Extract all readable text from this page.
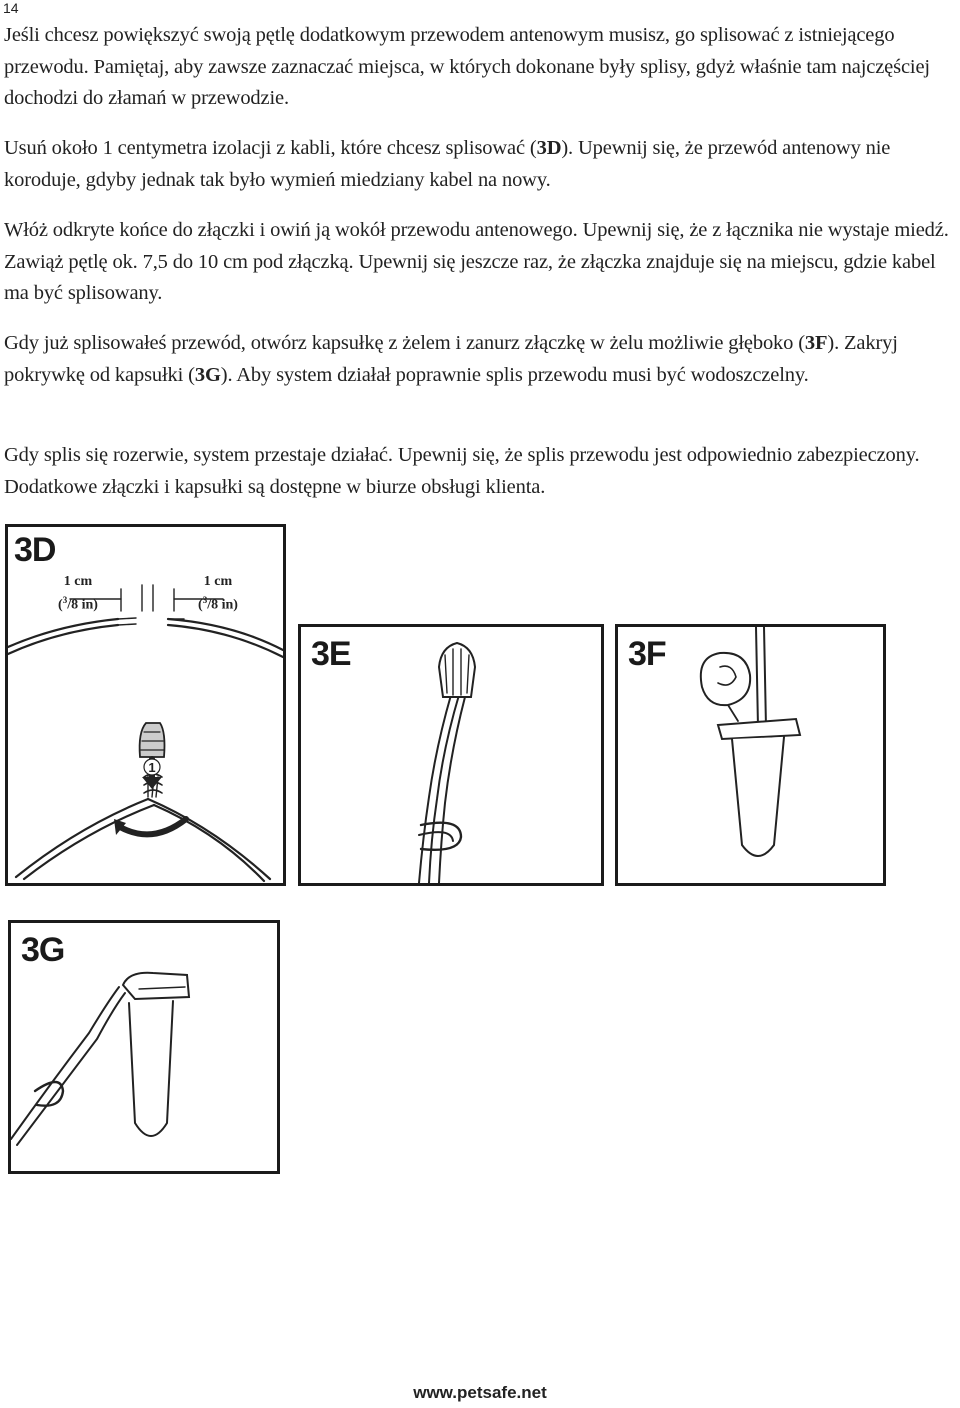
14

Jeśli chcesz powiększyć swoją pętlę dodatkowym przewodem antenowym musisz, go splisować z istniejącego przewodu. Pamiętaj, aby zawsze zaznaczać miejsca, w których dokonane były splisy, gdyż właśnie tam najczęściej dochodzi do złamań w przewodzie.

Usuń około 1 centymetra izolacji z kabli, które chcesz splisować (3D). Upewnij się, że przewód antenowy nie koroduje, gdyby jednak tak było wymień miedziany kabel na nowy.

Włóż odkryte końce do złączki i owiń ją wokół przewodu antenowego. Upewnij się, że z łącznika nie wystaje miedź. Zawiąż pętlę ok. 7,5 do 10 cm pod złączką. Upewnij się jeszcze raz, że złączka znajduje się na miejscu, gdzie kabel ma być splisowany.

Gdy już splisowałeś przewód, otwórz kapsułkę z żelem i zanurz złączkę w żelu możliwie głęboko (3F). Zakryj pokrywkę od kapsułki (3G). Aby system działał poprawnie splis przewodu musi być wodoszczelny.

Gdy splis się rozerwie, system przestaje działać. Upewnij się, że splis przewodu jest odpowiednio zabezpieczony. Dodatkowe złączki i kapsułki są dostępne w biurze obsługi klienta.

1
3D
1 cm
($^3$/8 in)
1 cm
($^3$/8 in)
3E	3F
3G
www.petsafe.net
